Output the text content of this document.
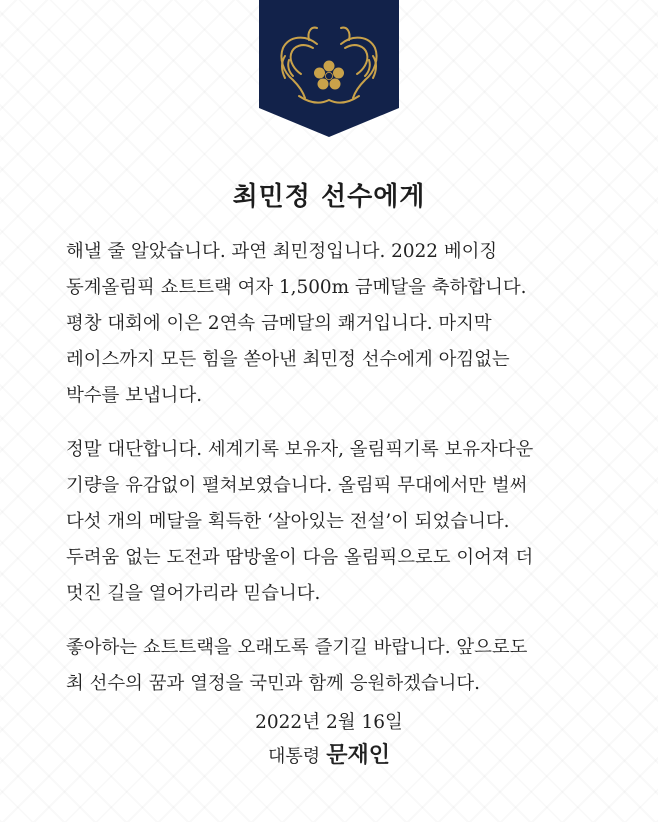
최민정 선수에게
해낼 줄 알았습니다. 과연 최민정입니다. 2022 베이징
동계올림픽 쇼트트랙 여자 1,500m 금메달을 축하합니다.
평창 대회에 이은 2연속 금메달의 쾌거입니다. 마지막
레이스까지 모든 힘을 쏟아낸 최민정 선수에게 아낌없는
박수를 보냅니다.
정말 대단합니다. 세계기록 보유자, 올림픽기록 보유자다운
기량을 유감없이 펼쳐보였습니다. 올림픽 무대에서만 벌써
다섯 개의 메달을 획득한 ‘살아있는 전설’이 되었습니다.
두려움 없는 도전과 땀방울이 다음 올림픽으로도 이어져 더
멋진 길을 열어가리라 믿습니다.
좋아하는 쇼트트랙을 오래도록 즐기길 바랍니다. 앞으로도
최 선수의 꿈과 열정을 국민과 함께 응원하겠습니다.
2022년 2월 16일
대통령 문재인
